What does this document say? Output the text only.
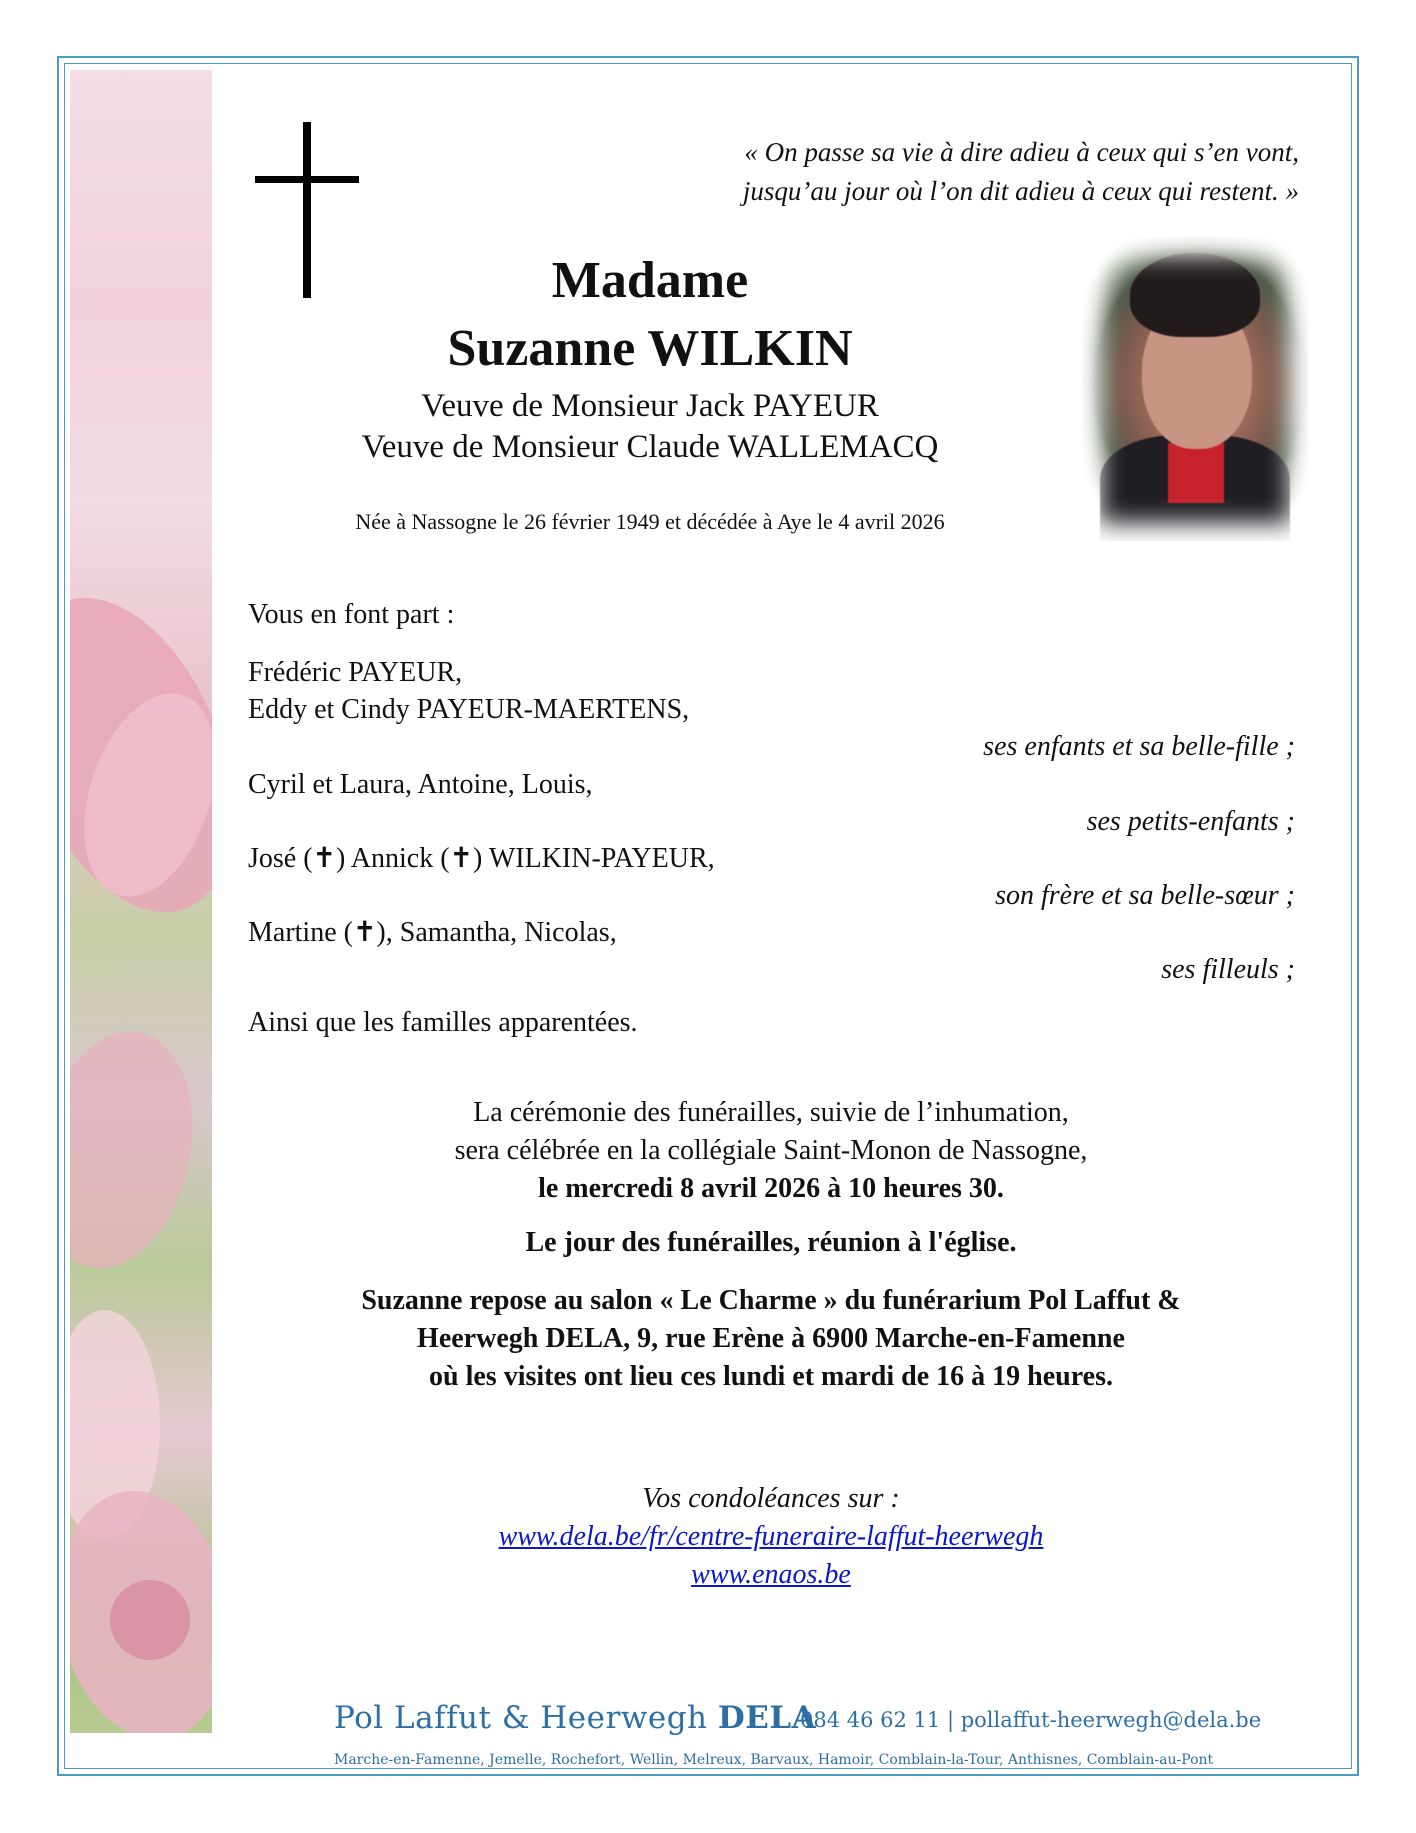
« On passe sa vie à dire adieu à ceux qui s’en vont,
jusqu’au jour où l’on dit adieu à ceux qui restent. »
Madame
Suzanne WILKIN
Veuve de Monsieur Jack PAYEUR
Veuve de Monsieur Claude WALLEMACQ
Née à Nassogne le 26 février 1949 et décédée à Aye le 4 avril 2026
Vous en font part :
Frédéric PAYEUR,
Eddy et Cindy PAYEUR-MAERTENS,
ses enfants et sa belle-fille ;
Cyril et Laura, Antoine, Louis,
ses petits-enfants ;
José (✝) Annick (✝) WILKIN-PAYEUR,
son frère et sa belle-sœur ;
Martine (✝), Samantha, Nicolas,
ses filleuls ;
Ainsi que les familles apparentées.
La cérémonie des funérailles, suivie de l’inhumation,
sera célébrée en la collégiale Saint-Monon de Nassogne,
le mercredi 8 avril 2026 à 10 heures 30.
Le jour des funérailles, réunion à l'église.
Suzanne repose au salon « Le Charme » du funérarium Pol Laffut &
Heerwegh DELA, 9, rue Erène à 6900 Marche-en-Famenne
où les visites ont lieu ces lundi et mardi de 16 à 19 heures.
Vos condoléances sur :
www.dela.be/fr/centre-funeraire-laffut-heerwegh
www.enaos.be
Pol Laffut & Heerwegh DELA
084 46 62 11 | pollaffut-heerwegh@dela.be
Marche-en-Famenne, Jemelle, Rochefort, Wellin, Melreux, Barvaux, Hamoir, Comblain-la-Tour, Anthisnes, Comblain-au-Pont
